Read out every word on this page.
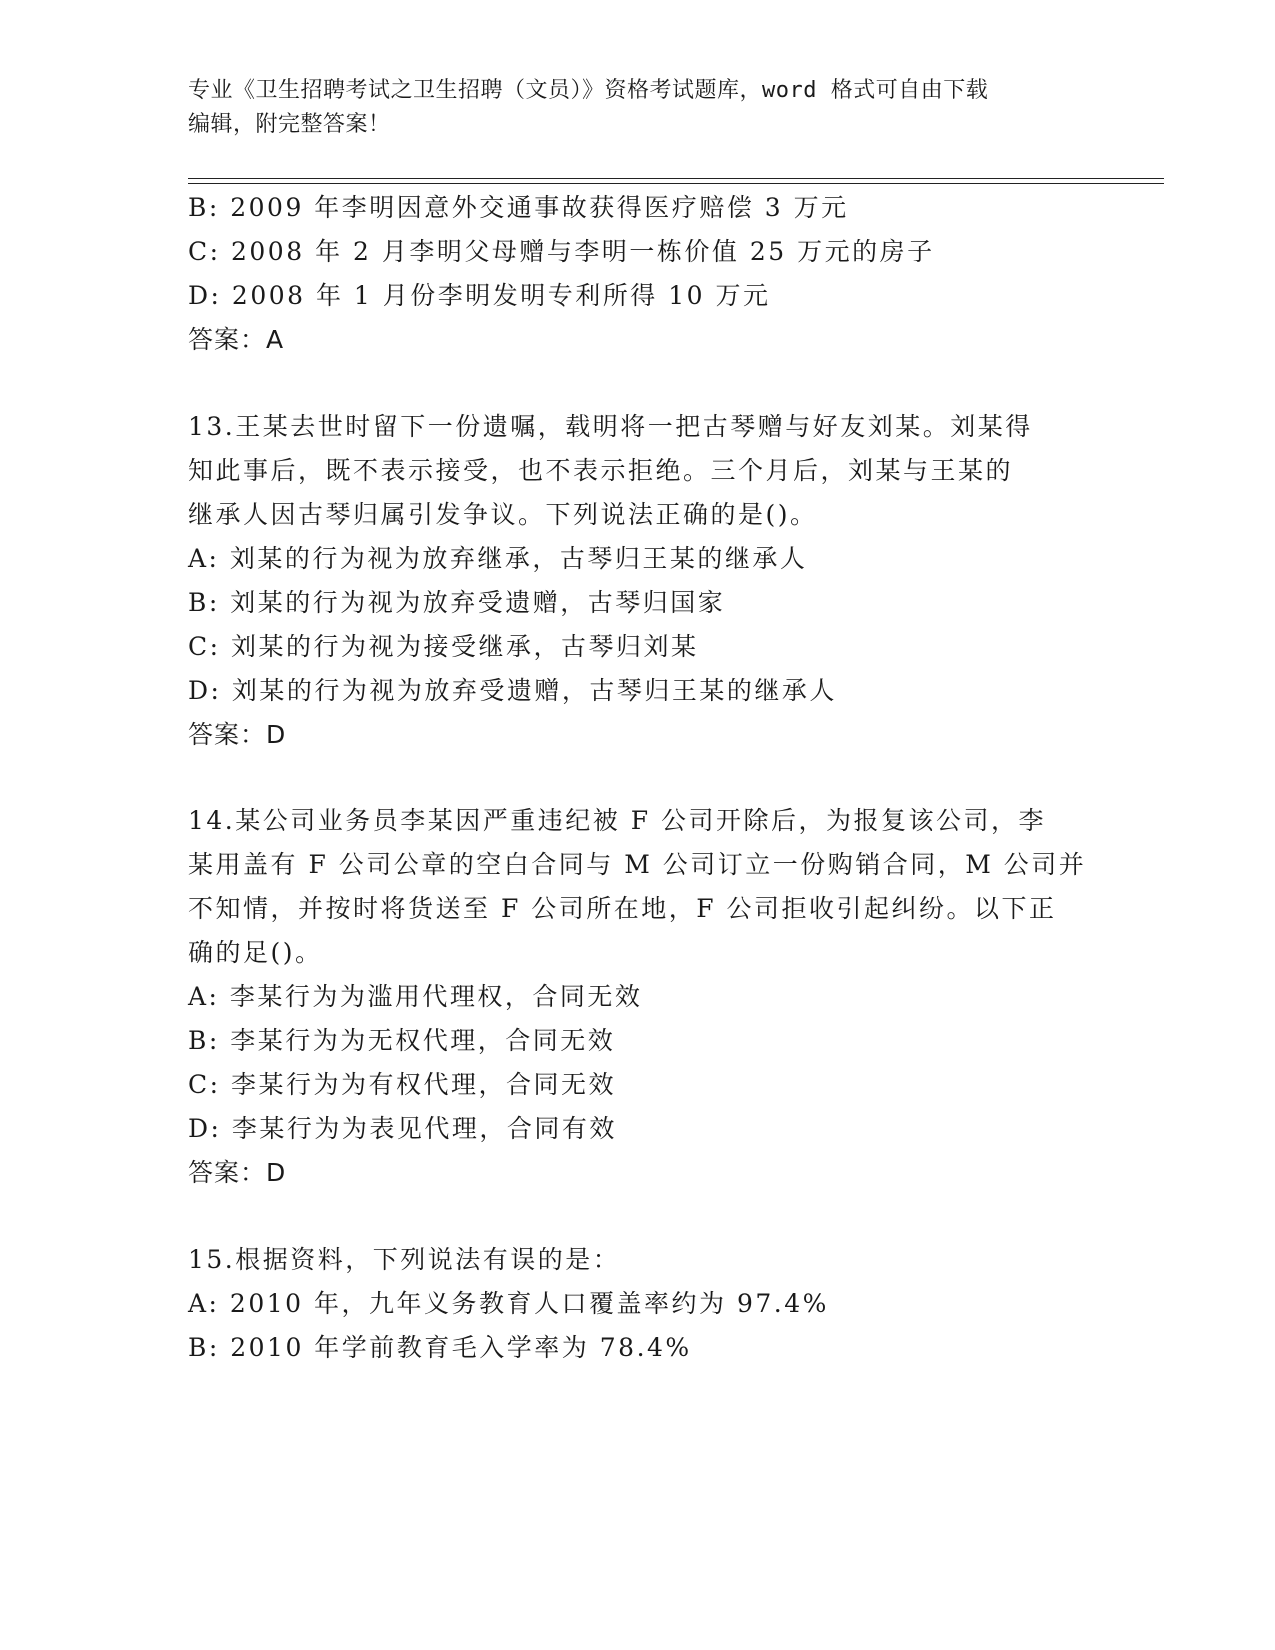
专业《卫生招聘考试之卫生招聘（文员）》资格考试题库，word 格式可自由下载
编辑，附完整答案！
B: 2009 年李明因意外交通事故获得医疗赔偿 3 万元
C: 2008 年 2 月李明父母赠与李明一栋价值 25 万元的房子
D: 2008 年 1 月份李明发明专利所得 10 万元
答案：A
13.王某去世时留下一份遗嘱，载明将一把古琴赠与好友刘某。刘某得
知此事后，既不表示接受，也不表示拒绝。三个月后，刘某与王某的
继承人因古琴归属引发争议。下列说法正确的是()。
A: 刘某的行为视为放弃继承，古琴归王某的继承人
B: 刘某的行为视为放弃受遗赠，古琴归国家
C: 刘某的行为视为接受继承，古琴归刘某
D: 刘某的行为视为放弃受遗赠，古琴归王某的继承人
答案：D
14.某公司业务员李某因严重违纪被 F 公司开除后，为报复该公司，李
某用盖有 F 公司公章的空白合同与 M 公司订立一份购销合同，M 公司并
不知情，并按时将货送至 F 公司所在地，F 公司拒收引起纠纷。以下正
确的足()。
A: 李某行为为滥用代理权，合同无效
B: 李某行为为无权代理，合同无效
C: 李某行为为有权代理，合同无效
D: 李某行为为表见代理，合同有效
答案：D
15.根据资料，下列说法有误的是：
A: 2010 年，九年义务教育人口覆盖率约为 97.4%
B: 2010 年学前教育毛入学率为 78.4%
